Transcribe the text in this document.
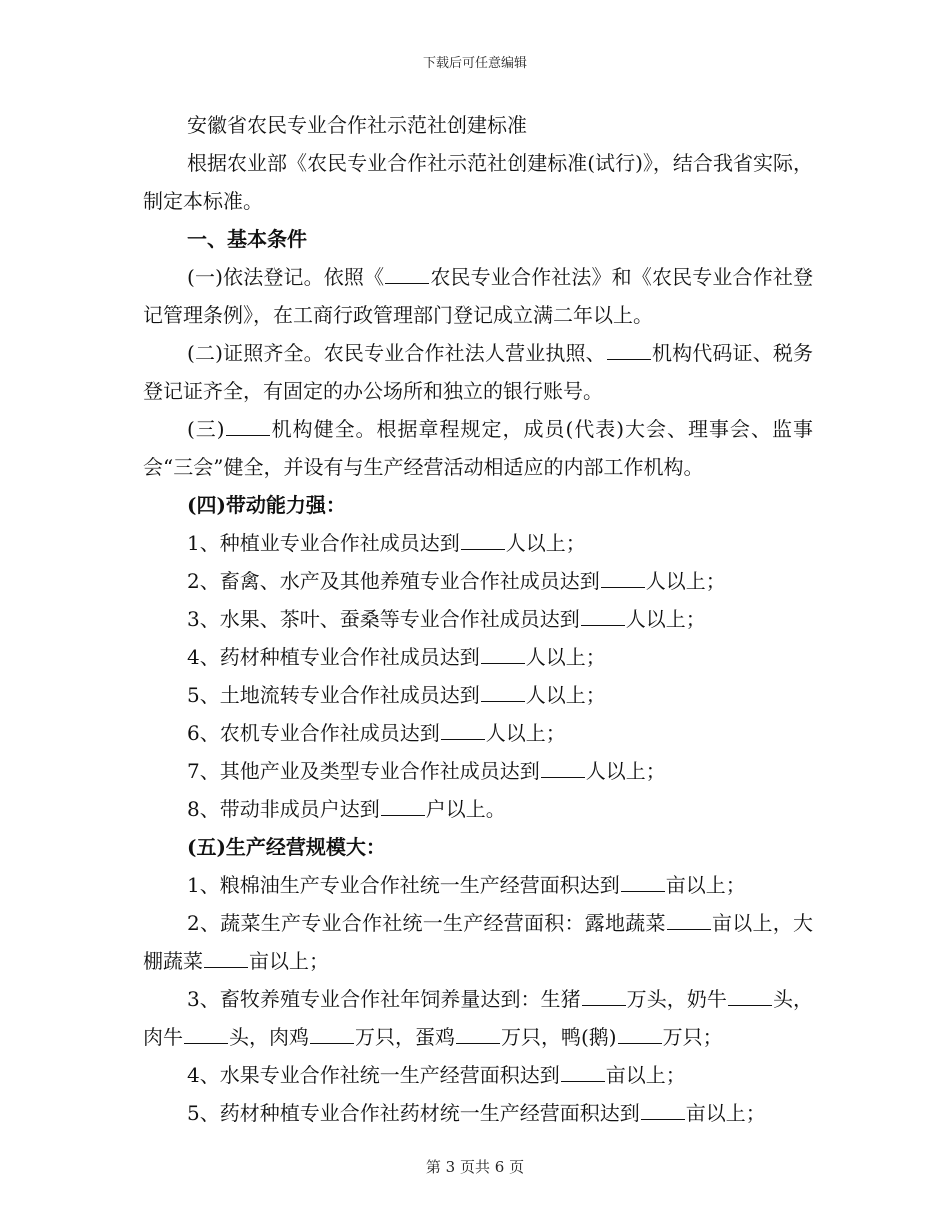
下载后可任意编辑

安徽省农民专业合作社示范社创建标准

根据农业部《农民专业合作社示范社创建标准(试行)》，结合我省实际，制定本标准。

一、基本条件

(一)依法登记。依照《 农民专业合作社法》和《农民专业合作社登记管理条例》，在工商行政管理部门登记成立满二年以上。

(二)证照齐全。农民专业合作社法人营业执照、 机构代码证、税务登记证齐全，有固定的办公场所和独立的银行账号。

(三) 机构健全。根据章程规定，成员(代表)大会、理事会、监事会“三会”健全，并设有与生产经营活动相适应的内部工作机构。

(四)带动能力强：

1、种植业专业合作社成员达到 人以上；

2、畜禽、水产及其他养殖专业合作社成员达到 人以上；

3、水果、茶叶、蚕桑等专业合作社成员达到 人以上；

4、药材种植专业合作社成员达到 人以上；

5、土地流转专业合作社成员达到 人以上；

6、农机专业合作社成员达到 人以上；

7、其他产业及类型专业合作社成员达到 人以上；

8、带动非成员户达到 户以上。

(五)生产经营规模大：

1、粮棉油生产专业合作社统一生产经营面积达到 亩以上；

2、蔬菜生产专业合作社统一生产经营面积：露地蔬菜 亩以上，大棚蔬菜 亩以上；

3、畜牧养殖专业合作社年饲养量达到：生猪 万头，奶牛 头，肉牛 头，肉鸡 万只，蛋鸡 万只，鸭(鹅) 万只；

4、水果专业合作社统一生产经营面积达到 亩以上；

5、药材种植专业合作社药材统一生产经营面积达到 亩以上；

第 3 页共 6 页
